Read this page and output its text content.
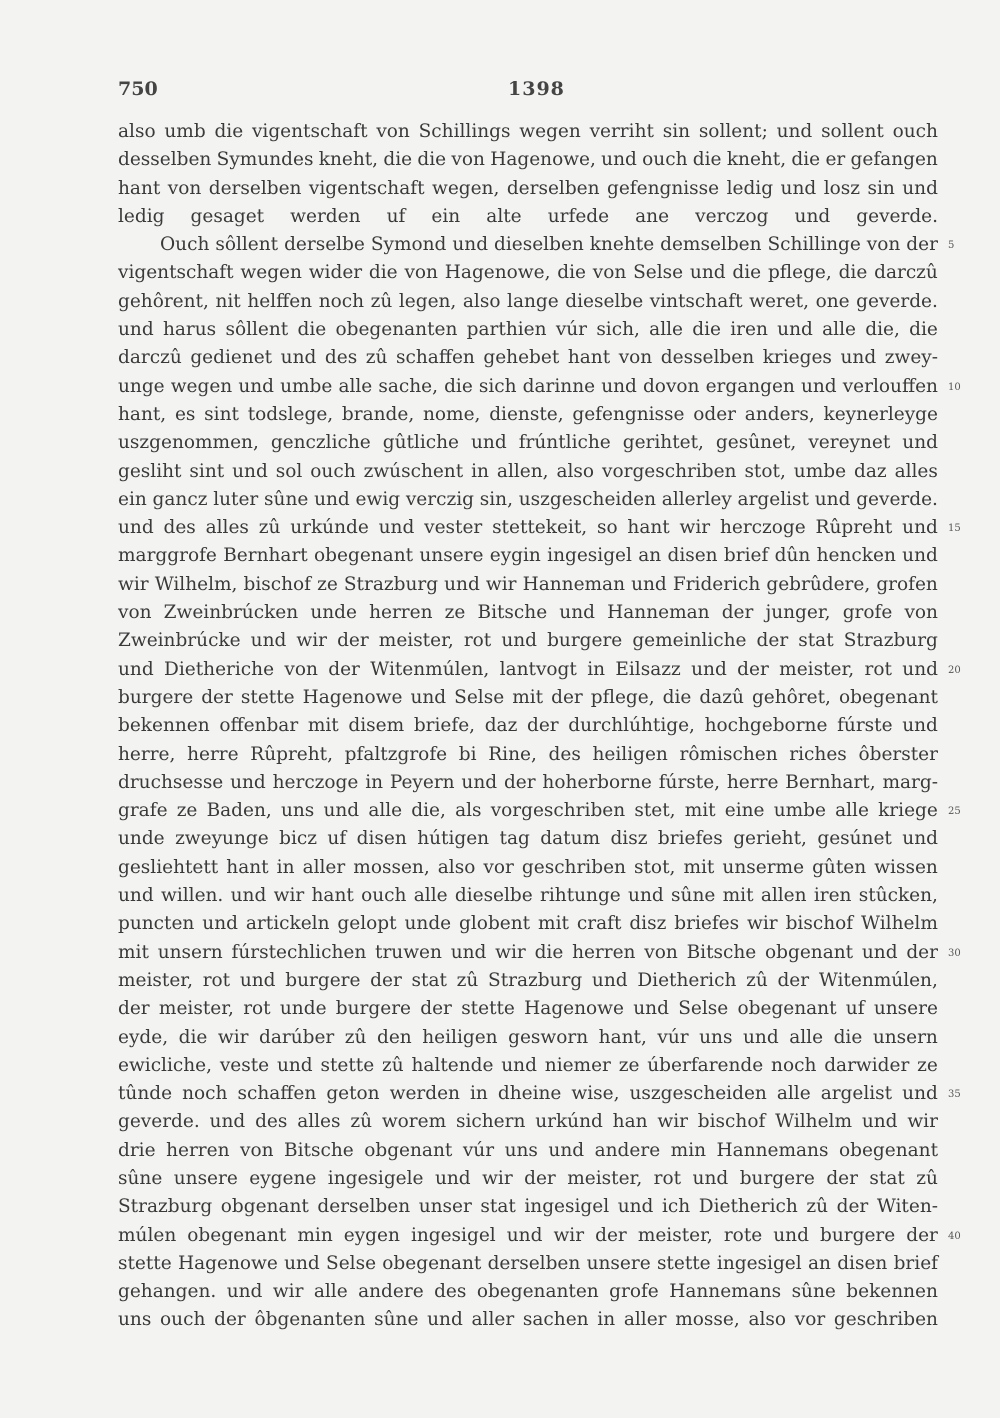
750	1398
also umb die vigentschaft von Schillings wegen verriht sin sollent; und sollent ouch
desselben Symundes kneht, die die von Hagenowe, und ouch die kneht, die er gefangen
hant von derselben vigentschaft wegen, derselben gefengnisse ledig und losz sin und
ledig gesaget werden uf ein alte urfede ane verczog und geverde.
Ouch sôllent derselbe Symond und dieselben knehte demselben Schillinge von der
vigentschaft wegen wider die von Hagenowe, die von Selse und die pflege, die darczû
gehôrent, nit helffen noch zû legen, also lange dieselbe vintschaft weret, one geverde.
und harus sôllent die obegenanten parthien vúr sich, alle die iren und alle die, die
darczû gedienet und des zû schaffen gehebet hant von desselben krieges und zwey-
unge wegen und umbe alle sache, die sich darinne und dovon ergangen und verlouffen
hant, es sint todslege, brande, nome, dienste, gefengnisse oder anders, keynerleyge
uszgenommen, genczliche gûtliche und frúntliche gerihtet, gesûnet, vereynet und
gesliht sint und sol ouch zwúschent in allen, also vorgeschriben stot, umbe daz alles
ein gancz luter sûne und ewig verczig sin, uszgescheiden allerley argelist und geverde.
und des alles zû urkúnde und vester stettekeit, so hant wir herczoge Rûpreht und
marggrofe Bernhart obegenant unsere eygin ingesigel an disen brief dûn hencken und
wir Wilhelm, bischof ze Strazburg und wir Hanneman und Friderich gebrûdere, grofen
von Zweinbrúcken unde herren ze Bitsche und Hanneman der junger, grofe von
Zweinbrúcke und wir der meister, rot und burgere gemeinliche der stat Strazburg
und Dietheriche von der Witenmúlen, lantvogt in Eilsazz und der meister, rot und
burgere der stette Hagenowe und Selse mit der pflege, die dazû gehôret, obegenant
bekennen offenbar mit disem briefe, daz der durchlúhtige, hochgeborne fúrste und
herre, herre Rûpreht, pfaltzgrofe bi Rine, des heiligen rômischen riches ôberster
druchsesse und herczoge in Peyern und der hoherborne fúrste, herre Bernhart, marg-
grafe ze Baden, uns und alle die, als vorgeschriben stet, mit eine umbe alle kriege
unde zweyunge bicz uf disen hútigen tag datum disz briefes gerieht, gesúnet und
gesliehtett hant in aller mossen, also vor geschriben stot, mit unserme gûten wissen
und willen. und wir hant ouch alle dieselbe rihtunge und sûne mit allen iren stûcken,
puncten und artickeln gelopt unde globent mit craft disz briefes wir bischof Wilhelm
mit unsern fúrstechlichen truwen und wir die herren von Bitsche obgenant und der
meister, rot und burgere der stat zû Strazburg und Dietherich zû der Witenmúlen,
der meister, rot unde burgere der stette Hagenowe und Selse obegenant uf unsere
eyde, die wir darúber zû den heiligen gesworn hant, vúr uns und alle die unsern
ewicliche, veste und stette zû haltende und niemer ze úberfarende noch darwider ze
tûnde noch schaffen geton werden in dheine wise, uszgescheiden alle argelist und
geverde. und des alles zû worem sichern urkúnd han wir bischof Wilhelm und wir
drie herren von Bitsche obgenant vúr uns und andere min Hannemans obegenant
sûne unsere eygene ingesigele und wir der meister, rot und burgere der stat zû
Strazburg obgenant derselben unser stat ingesigel und ich Dietherich zû der Witen-
múlen obegenant min eygen ingesigel und wir der meister, rote und burgere der
stette Hagenowe und Selse obegenant derselben unsere stette ingesigel an disen brief
gehangen. und wir alle andere des obegenanten grofe Hannemans sûne bekennen
uns ouch der ôbgenanten sûne und aller sachen in aller mosse, also vor geschriben
5
10
15
20
25
30
35
40
